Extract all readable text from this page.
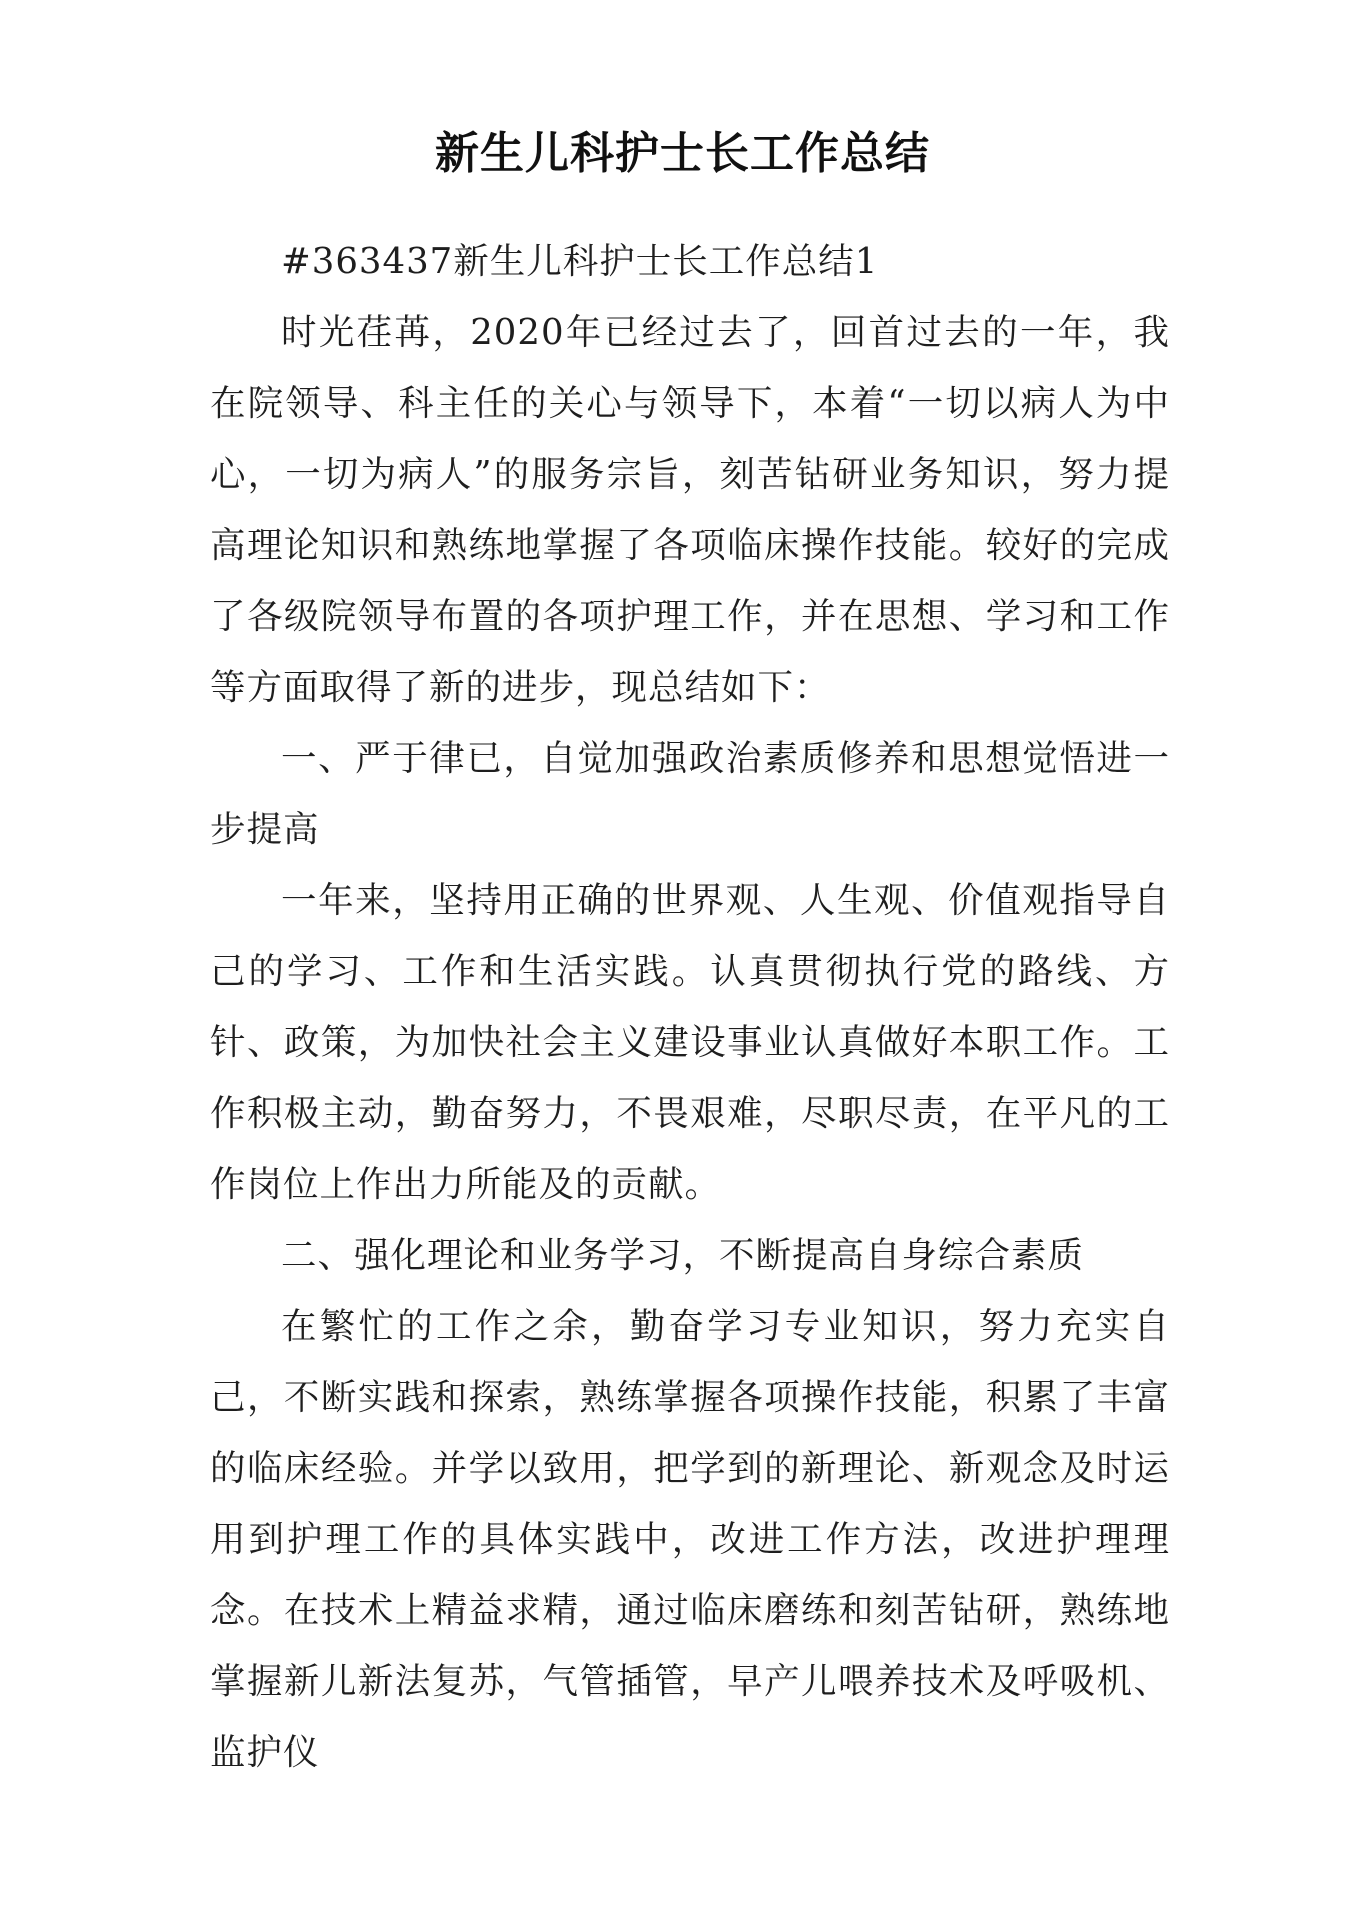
新生儿科护士长工作总结

#363437新生儿科护士长工作总结1

时光荏苒，2020年已经过去了，回首过去的一年，我在院领导、科主任的关心与领导下，本着“一切以病人为中心，一切为病人”的服务宗旨，刻苦钻研业务知识，努力提高理论知识和熟练地掌握了各项临床操作技能。较好的完成了各级院领导布置的各项护理工作，并在思想、学习和工作等方面取得了新的进步，现总结如下：

一、严于律已，自觉加强政治素质修养和思想觉悟进一步提高

一年来，坚持用正确的世界观、人生观、价值观指导自己的学习、工作和生活实践。认真贯彻执行党的路线、方针、政策，为加快社会主义建设事业认真做好本职工作。工作积极主动，勤奋努力，不畏艰难，尽职尽责，在平凡的工作岗位上作出力所能及的贡献。

二、强化理论和业务学习，不断提高自身综合素质

在繁忙的工作之余，勤奋学习专业知识，努力充实自己，不断实践和探索，熟练掌握各项操作技能，积累了丰富的临床经验。并学以致用，把学到的新理论、新观念及时运用到护理工作的具体实践中，改进工作方法，改进护理理念。在技术上精益求精，通过临床磨练和刻苦钻研，熟练地掌握新儿新法复苏，气管插管，早产儿喂养技术及呼吸机、监护仪
